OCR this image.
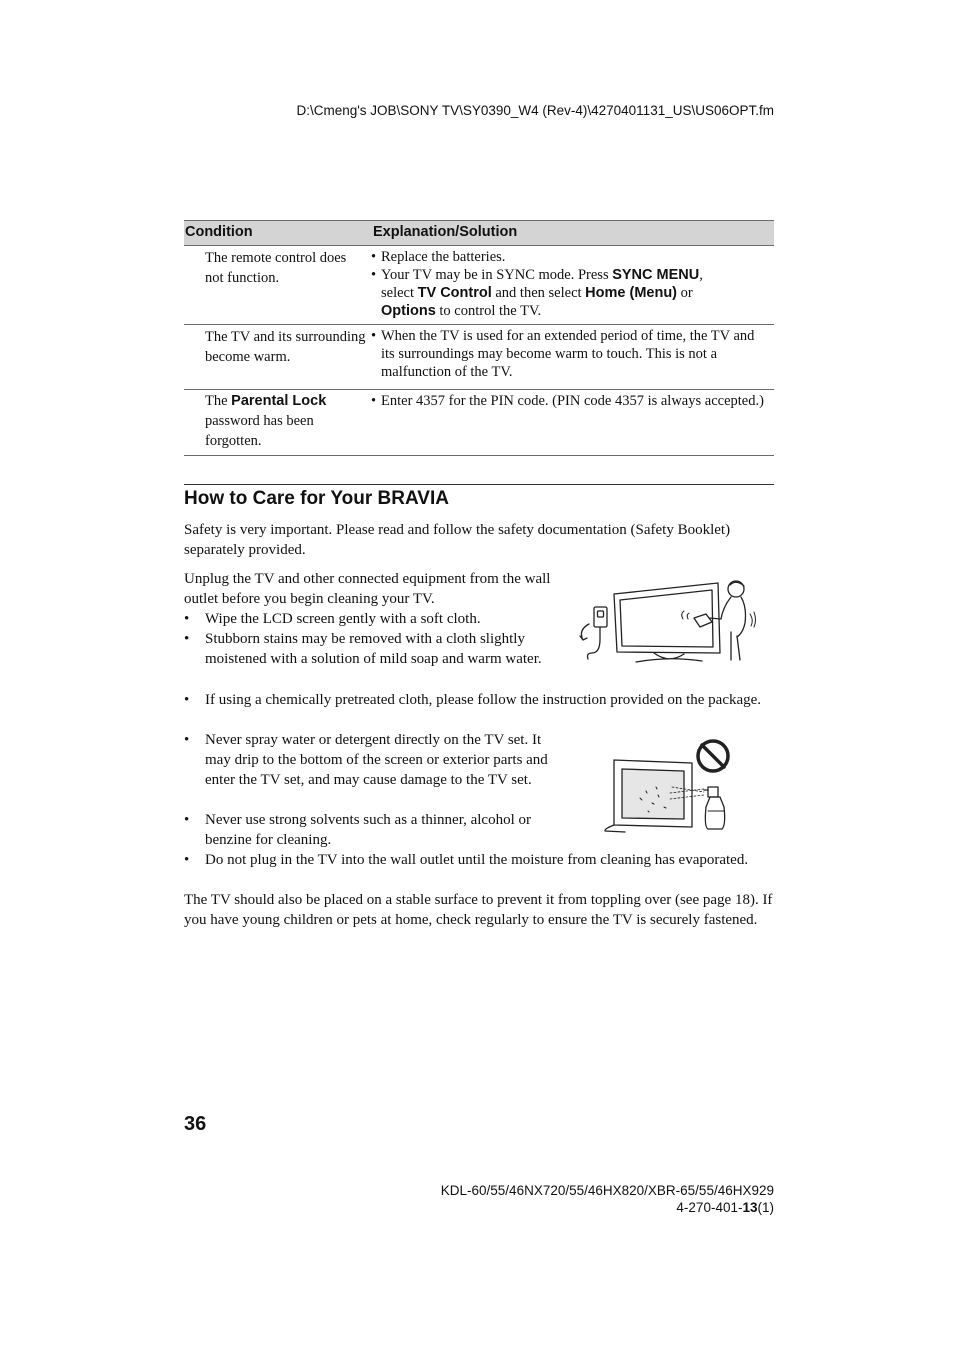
D:\Cmeng's JOB\SONY TV\SY0390_W4 (Rev-4)\4270401131_US\US06OPT.fm
Condition	Explanation/Solution
The remote control does not function.
• Replace the batteries.
• Your TV may be in SYNC mode. Press SYNC MENU,
select TV Control and then select Home (Menu) or
Options to control the TV.
The TV and its surrounding become warm.
• When the TV is used for an extended period of time, the TV and its surroundings may become warm to touch. This is not a malfunction of the TV.
The Parental Lock password has been forgotten.
• Enter 4357 for the PIN code. (PIN code 4357 is always accepted.)
How to Care for Your BRAVIA
Safety is very important. Please read and follow the safety documentation (Safety Booklet) separately provided.
Unplug the TV and other connected equipment from the wall outlet before you begin cleaning your TV.
• Wipe the LCD screen gently with a soft cloth.
• Stubborn stains may be removed with a cloth slightly moistened with a solution of mild soap and warm water.
• If using a chemically pretreated cloth, please follow the instruction provided on the package.
• Never spray water or detergent directly on the TV set. It may drip to the bottom of the screen or exterior parts and enter the TV set, and may cause damage to the TV set.
• Never use strong solvents such as a thinner, alcohol or benzine for cleaning.
• Do not plug in the TV into the wall outlet until the moisture from cleaning has evaporated.
The TV should also be placed on a stable surface to prevent it from toppling over (see page 18). If you have young children or pets at home, check regularly to ensure the TV is securely fastened.
36
KDL-60/55/46NX720/55/46HX820/XBR-65/55/46HX929
4-270-401-13(1)
